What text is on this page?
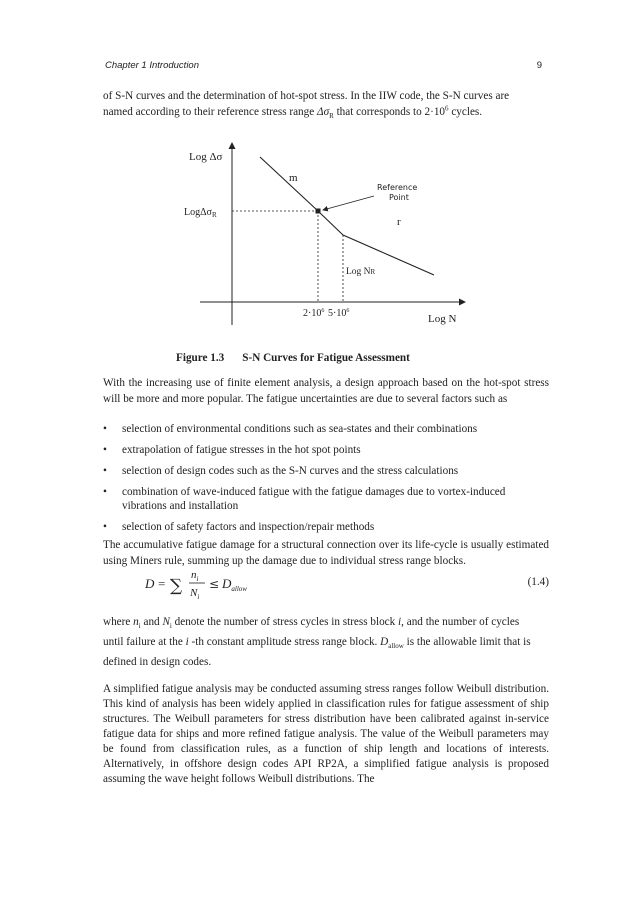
Chapter 1 Introduction	9

of S-N curves and the determination of hot-spot stress. In the IIW code, the S-N curves are
named according to their reference stress range $\Delta\sigma_R$ that corresponds to $2\cdot 10^6$ cycles.

Log Δσ
LogΔσ$_R$
m
r
Reference
Point
Log NR
$2\cdot 10^6$ $5\cdot 10^6$
Log N
Figure 1.3 S-N Curves for Fatigue Assessment

With the increasing use of finite element analysis, a design approach based on the hot-spot stress will be more and more popular. The fatigue uncertainties are due to several factors such as

• selection of environmental conditions such as sea-states and their combinations
• extrapolation of fatigue stresses in the hot spot points
• selection of design codes such as the S-N curves and the stress calculations
• combination of wave-induced fatigue with the fatigue damages due to vortex-induced vibrations and installation
• selection of safety factors and inspection/repair methods

The accumulative fatigue damage for a structural connection over its life-cycle is usually estimated using Miners rule, summing up the damage due to individual stress range blocks.

D = ∑
$n_i$
$N_i$
≤ $D_{allow}$
(1.4)

where $n_i$ and $N_i$ denote the number of stress cycles in stress block i, and the number of cycles
until failure at the i -th constant amplitude stress range block. $D_{allow}$ is the allowable limit that is
defined in design codes.

A simplified fatigue analysis may be conducted assuming stress ranges follow Weibull distribution. This kind of analysis has been widely applied in classification rules for fatigue assessment of ship structures. The Weibull parameters for stress distribution have been calibrated against in-service fatigue data for ships and more refined fatigue analysis. The value of the Weibull parameters may be found from classification rules, as a function of ship length and locations of interests. Alternatively, in offshore design codes API RP2A, a simplified fatigue analysis is proposed assuming the wave height follows Weibull distributions. The
